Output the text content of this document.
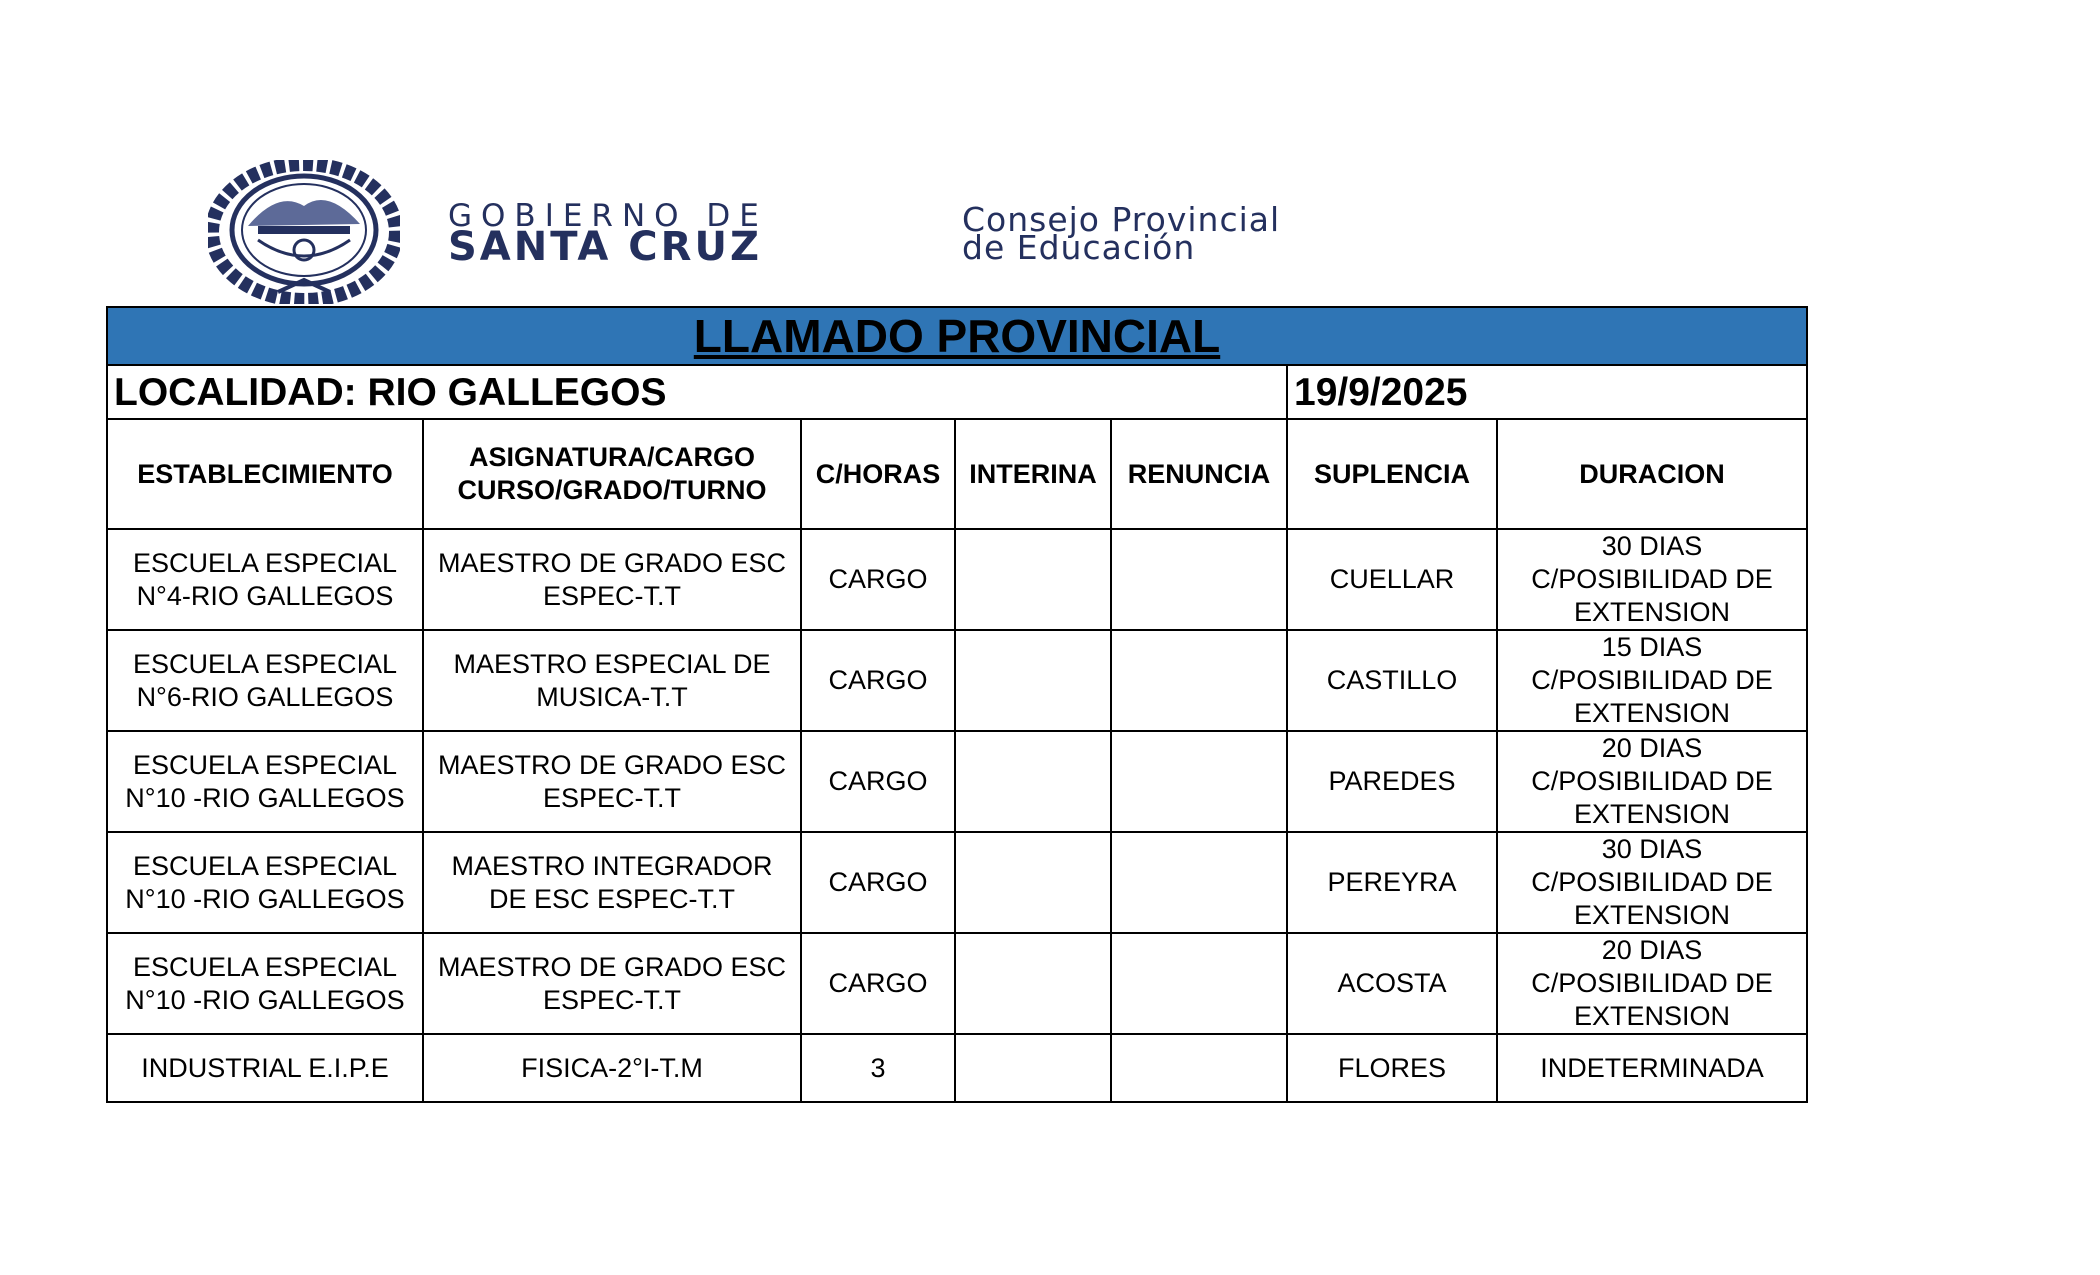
GOBIERNO DE
SANTA CRUZ
Consejo Provincial
de Educación
LLAMADO PROVINCIAL						
LOCALIDAD: RIO GALLEGOS					19/9/2025	
ESTABLECIMIENTO	ASIGNATURA/CARGO CURSO/GRADO/TURNO	C/HORAS	INTERINA	RENUNCIA	SUPLENCIA	DURACION
ESCUELA ESPECIAL N°4-RIO GALLEGOS	MAESTRO DE GRADO ESC ESPEC-T.T	CARGO			CUELLAR	30 DIAS C/POSIBILIDAD DE EXTENSION
ESCUELA ESPECIAL N°6-RIO GALLEGOS	MAESTRO ESPECIAL DE MUSICA-T.T	CARGO			CASTILLO	15 DIAS C/POSIBILIDAD DE EXTENSION
ESCUELA ESPECIAL N°10 -RIO GALLEGOS	MAESTRO DE GRADO ESC ESPEC-T.T	CARGO			PAREDES	20 DIAS C/POSIBILIDAD DE EXTENSION
ESCUELA ESPECIAL N°10 -RIO GALLEGOS	MAESTRO INTEGRADOR DE ESC ESPEC-T.T	CARGO			PEREYRA	30 DIAS C/POSIBILIDAD DE EXTENSION
ESCUELA ESPECIAL N°10 -RIO GALLEGOS	MAESTRO DE GRADO ESC ESPEC-T.T	CARGO			ACOSTA	20 DIAS C/POSIBILIDAD DE EXTENSION
INDUSTRIAL E.I.P.E	FISICA-2°I-T.M	3			FLORES	INDETERMINADA
